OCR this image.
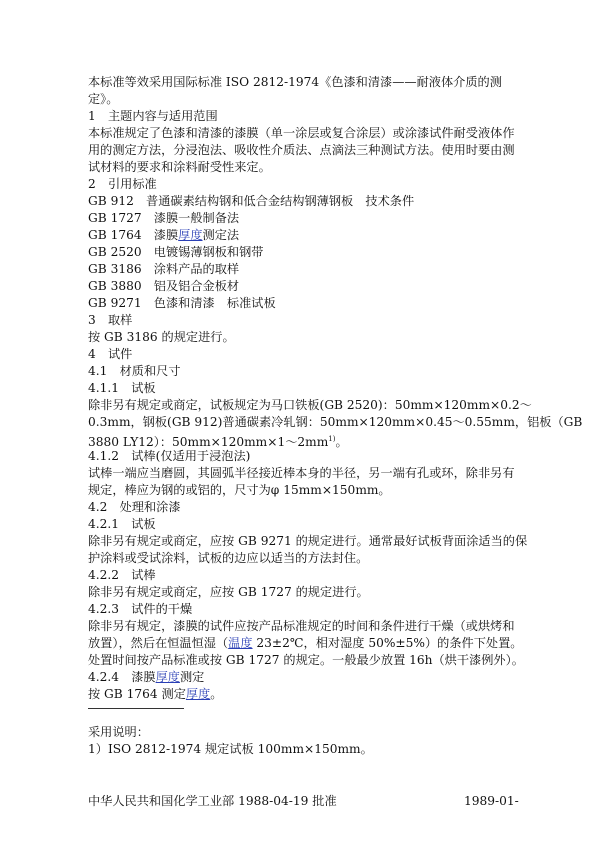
本标准等效采用国际标准 ISO 2812-1974《色漆和清漆——耐液体介质的测
定》。
1　主题内容与适用范围
本标准规定了色漆和清漆的漆膜（单一涂层或复合涂层）或涂漆试件耐受液体作
用的测定方法，分浸泡法、吸收性介质法、点滴法三种测试方法。使用时要由测
试材料的要求和涂料耐受性来定。
2　引用标准
GB 912　 普通碳素结构钢和低合金结构钢薄钢板　技术条件
GB 1727　 漆膜一般制备法
GB 1764　 漆膜厚度测定法
GB 2520　 电镀锡薄钢板和钢带
GB 3186　 涂料产品的取样
GB 3880　 铝及铝合金板材
GB 9271　 色漆和清漆　标准试板
3　取样
按 GB 3186 的规定进行。
4　试件
4.1　材质和尺寸
4.1.1　试板
除非另有规定或商定，试板规定为马口铁板(GB 2520)：50mm×120mm×0.2～
0.3mm，钢板(GB 912)普通碳素冷轧钢：50mm×120mm×0.45～0.55mm，铝板（GB
3880 LY12）：$50mm\times 120mm\times 1\sim 2mm^{1)}$。
4.1.2　试棒(仅适用于浸泡法)
试棒一端应当磨圆，其圆弧半径接近棒本身的半径，另一端有孔或环，除非另有
规定，棒应为钢的或铝的，尺寸为φ 15mm×150mm。
4.2　处理和涂漆
4.2.1　试板
除非另有规定或商定，应按 GB 9271 的规定进行。通常最好试板背面涂适当的保
护涂料或受试涂料，试板的边应以适当的方法封住。
4.2.2　试棒
除非另有规定或商定，应按 GB 1727 的规定进行。
4.2.3　试件的干燥
除非另有规定，漆膜的试件应按产品标准规定的时间和条件进行干燥（或烘烤和
放置），然后在恒温恒湿（温度 23±2℃，相对湿度 50%±5%）的条件下处置。
处置时间按产品标准或按 GB 1727 的规定。一般最少放置 16h（烘干漆例外）。
4.2.4　漆膜厚度测定
按 GB 1764 测定厚度。
采用说明：
1）ISO 2812-1974 规定试板 100mm×150mm。
中华人民共和国化学工业部 1988-04-19 批准	1989-01-
